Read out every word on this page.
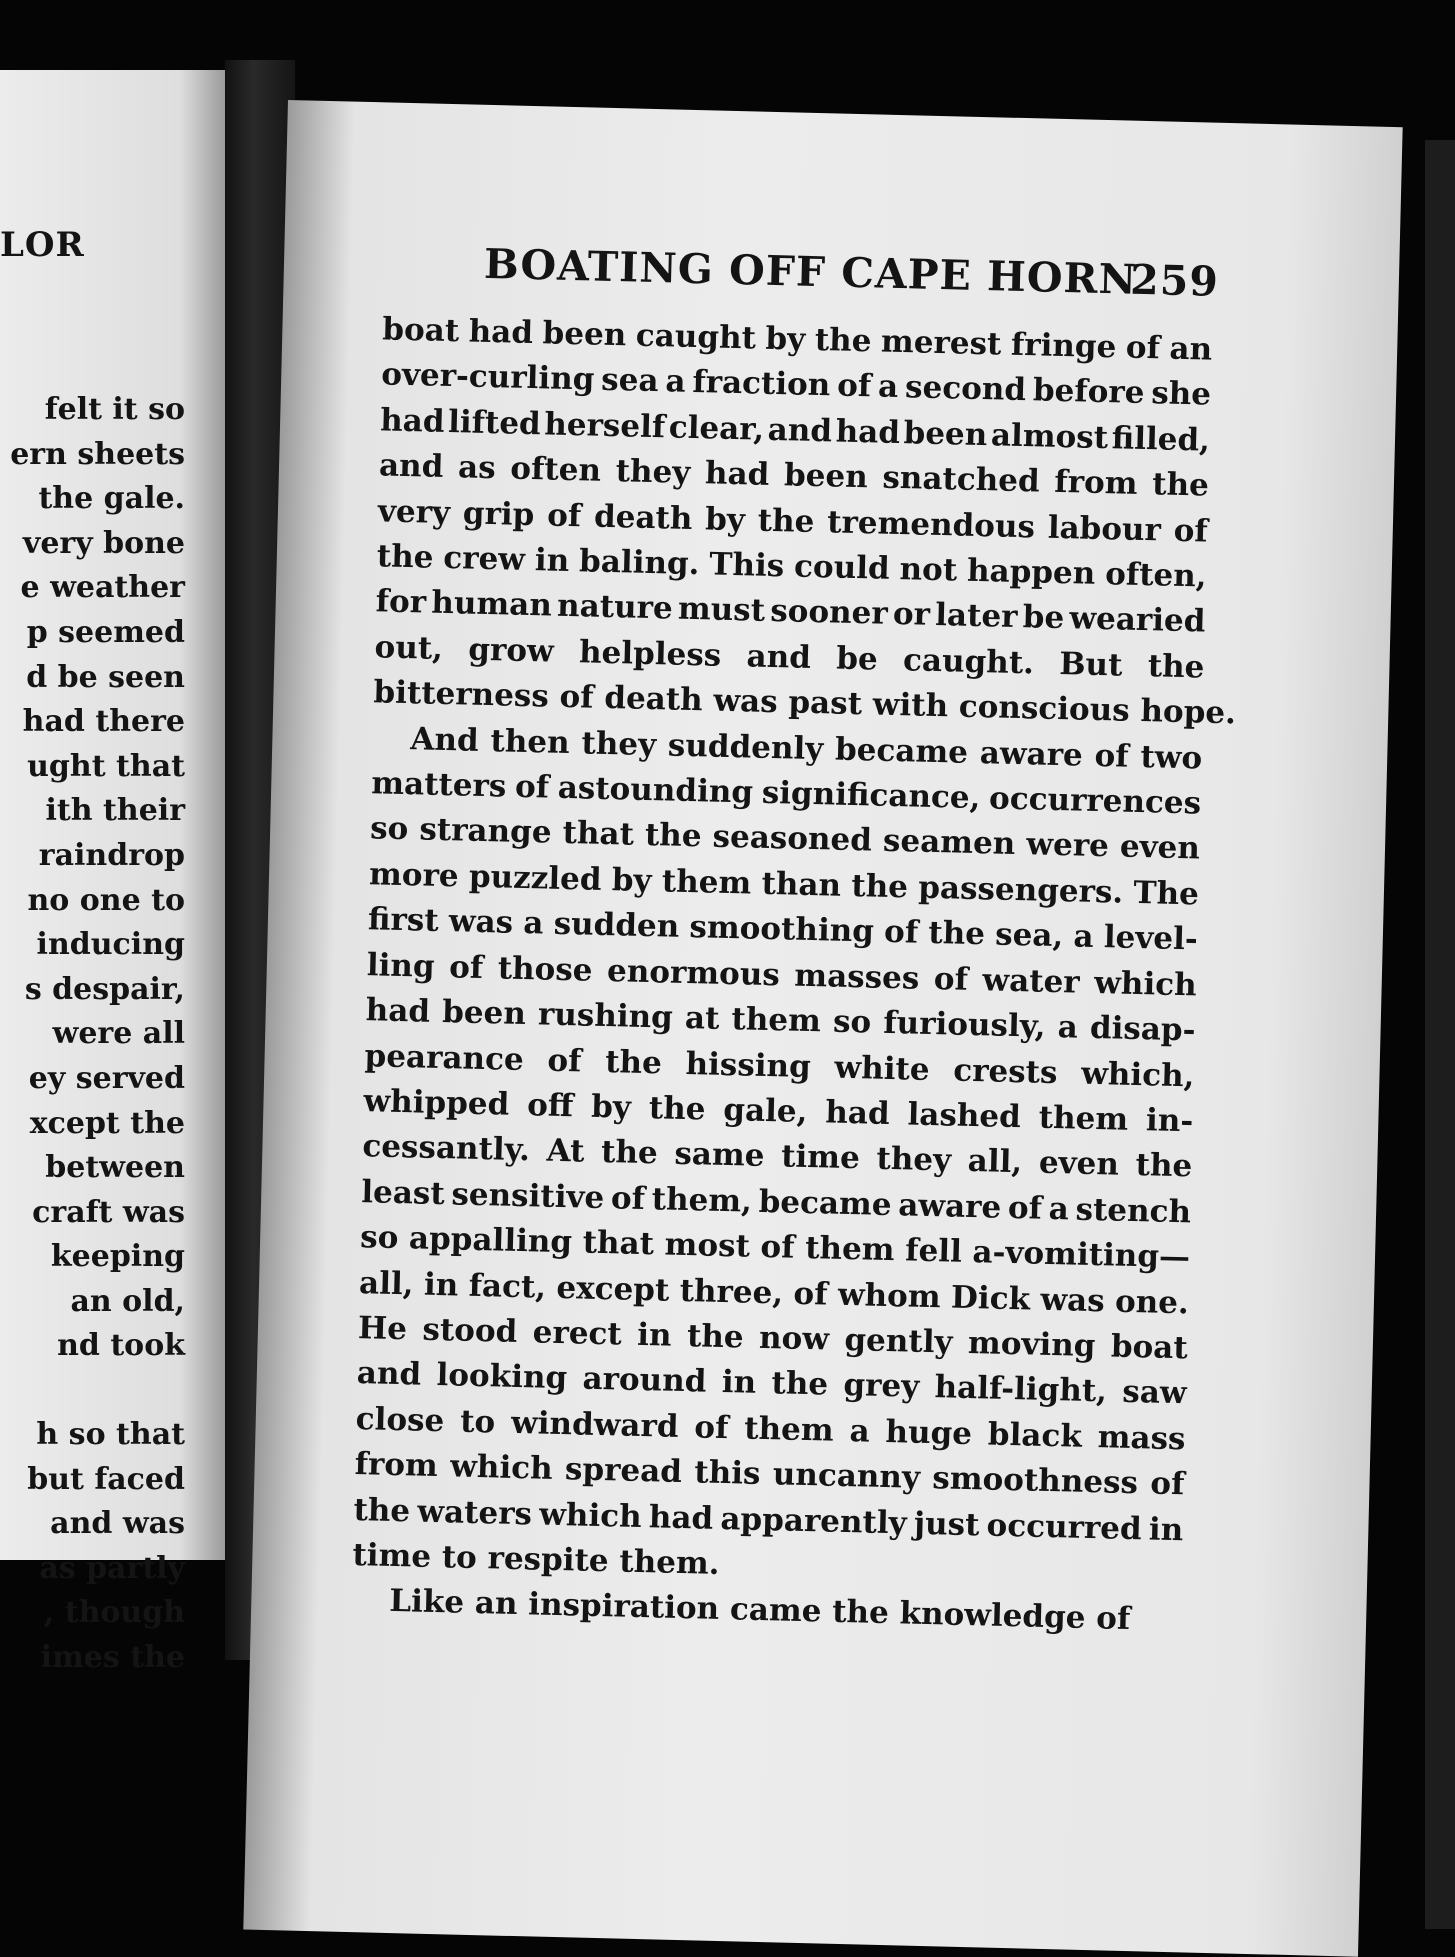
LOR
felt it so
ern sheets
the gale.
very bone
e weather
p seemed
d be seen
had there
ught that
ith their
raindrop
no one to
inducing
s despair,
were all
ey served
xcept the
between
craft was
keeping
an old,
nd took
h so that
but faced
and was
as partly
, though
imes the
BOATING OFF CAPE HORN
259
boat had been caught by the merest fringe of an
over-curling sea a fraction of a second before she
had lifted herself clear, and had been almost filled,
and as often they had been snatched from the
very grip of death by the tremendous labour of
the crew in baling. This could not happen often,
for human nature must sooner or later be wearied
out, grow helpless and be caught. But the
bitterness of death was past with conscious hope.
And then they suddenly became aware of two
matters of astounding significance, occurrences
so strange that the seasoned seamen were even
more puzzled by them than the passengers. The
first was a sudden smoothing of the sea, a level-
ling of those enormous masses of water which
had been rushing at them so furiously, a disap-
pearance of the hissing white crests which,
whipped off by the gale, had lashed them in-
cessantly. At the same time they all, even the
least sensitive of them, became aware of a stench
so appalling that most of them fell a-vomiting—
all, in fact, except three, of whom Dick was one.
He stood erect in the now gently moving boat
and looking around in the grey half-light, saw
close to windward of them a huge black mass
from which spread this uncanny smoothness of
the waters which had apparently just occurred in
time to respite them.
Like an inspiration came the knowledge of
